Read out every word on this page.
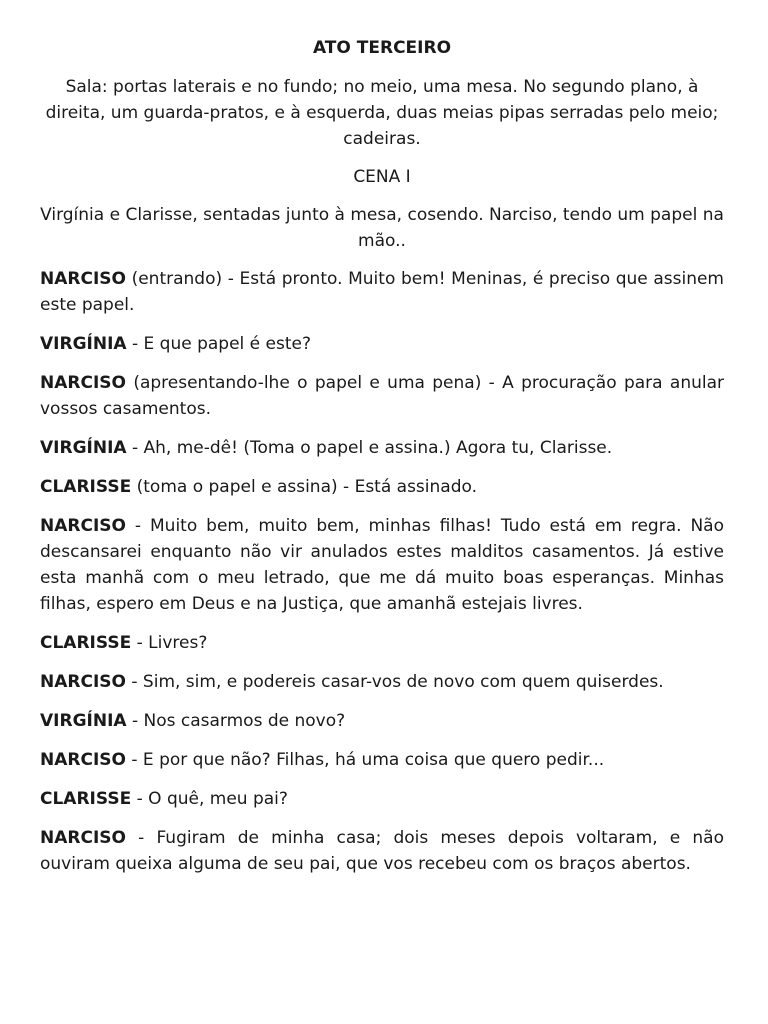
ATO TERCEIRO
Sala: portas laterais e no fundo; no meio, uma mesa. No segundo plano, à direita, um guarda-pratos, e à esquerda, duas meias pipas serradas pelo meio; cadeiras.
CENA I
Virgínia e Clarisse, sentadas junto à mesa, cosendo. Narciso, tendo um papel na mão..
NARCISO (entrando) - Está pronto. Muito bem! Meninas, é preciso que assinem este papel.
VIRGÍNIA - E que papel é este?
NARCISO (apresentando-lhe o papel e uma pena) - A procuração para anular vossos casamentos.
VIRGÍNIA - Ah, me-dê! (Toma o papel e assina.) Agora tu, Clarisse.
CLARISSE (toma o papel e assina) - Está assinado.
NARCISO - Muito bem, muito bem, minhas filhas! Tudo está em regra. Não descansarei enquanto não vir anulados estes malditos casamentos. Já estive esta manhã com o meu letrado, que me dá muito boas esperanças. Minhas filhas, espero em Deus e na Justiça, que amanhã estejais livres.
CLARISSE - Livres?
NARCISO - Sim, sim, e podereis casar-vos de novo com quem quiserdes.
VIRGÍNIA - Nos casarmos de novo?
NARCISO - E por que não? Filhas, há uma coisa que quero pedir...
CLARISSE - O quê, meu pai?
NARCISO - Fugiram de minha casa; dois meses depois voltaram, e não ouviram queixa alguma de seu pai, que vos recebeu com os braços abertos.
